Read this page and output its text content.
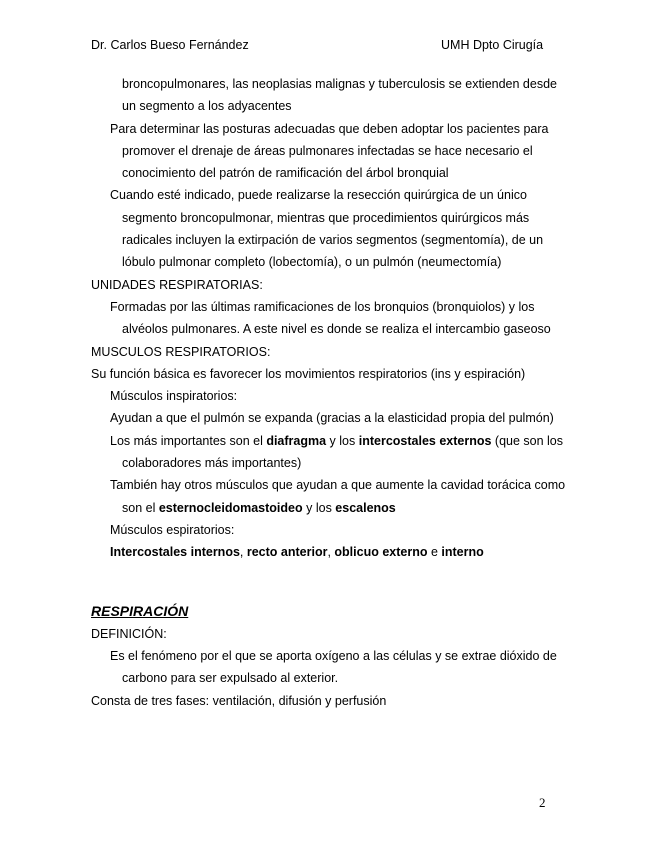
Dr. Carlos Bueso Fernández	UMH Dpto Cirugía

broncopulmonares, las neoplasias malignas y tuberculosis se extienden desde un segmento a los adyacentes

Para determinar las posturas adecuadas que deben adoptar los pacientes para promover el drenaje de áreas pulmonares infectadas se hace necesario el conocimiento del patrón de ramificación del árbol bronquial

Cuando esté indicado, puede realizarse la resección quirúrgica de un único segmento broncopulmonar, mientras que procedimientos quirúrgicos más radicales incluyen la extirpación de varios segmentos (segmentomía), de un lóbulo pulmonar completo (lobectomía), o un pulmón (neumectomía)

UNIDADES RESPIRATORIAS:

Formadas por las últimas ramificaciones de los bronquios (bronquiolos) y los alvéolos pulmonares. A este nivel es donde se realiza el intercambio gaseoso

MUSCULOS RESPIRATORIOS:

Su función básica es favorecer los movimientos respiratorios (ins y espiración)

Músculos inspiratorios:

Ayudan a que el pulmón se expanda (gracias a la elasticidad propia del pulmón)

Los más importantes son el diafragma y los intercostales externos (que son los colaboradores más importantes)

También hay otros músculos que ayudan a que aumente la cavidad torácica como son el esternocleidomastoideo y los escalenos

Músculos espiratorios:

Intercostales internos, recto anterior, oblicuo externo e interno

RESPIRACIÓN

DEFINICIÓN:

Es el fenómeno por el que se aporta oxígeno a las células y se extrae dióxido de carbono para ser expulsado al exterior.

Consta de tres fases: ventilación, difusión y perfusión

2
